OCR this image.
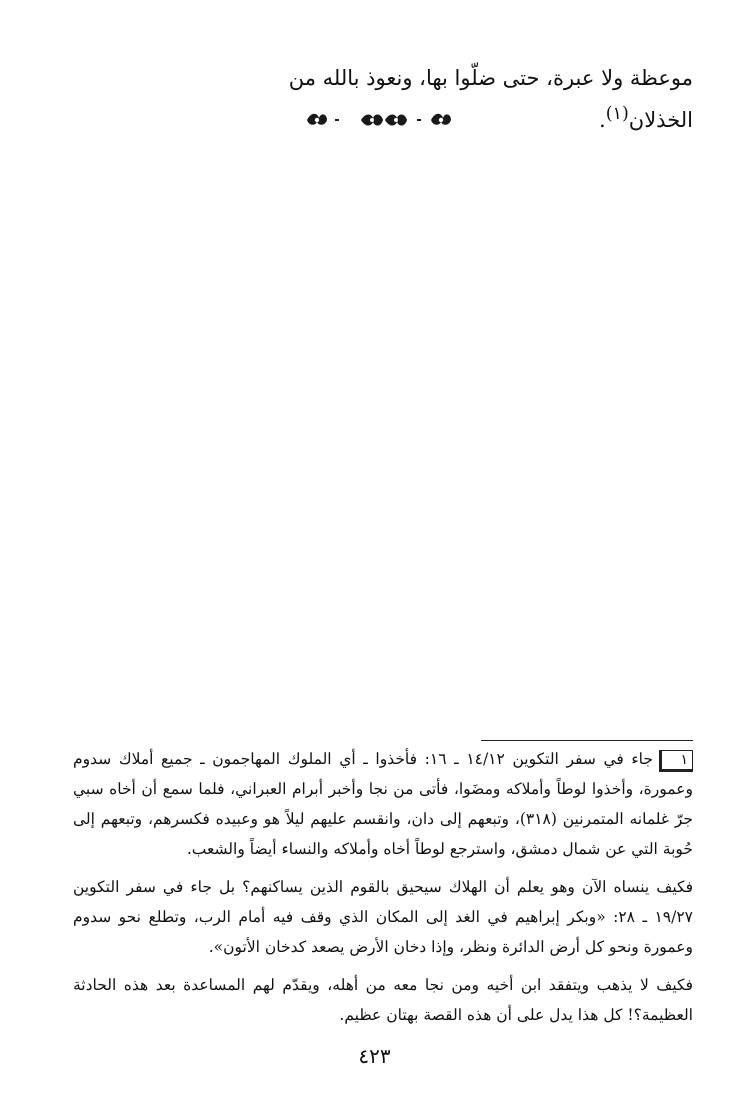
موعظة ولا عبرة، حتى ضلّوا بها، ونعوذ بالله من الخذلان$^{(١)}$.

١جاء في سفر التكوين ١٤/١٢ ـ ١٦: فأخذوا ـ أي الملوك المهاجمون ـ جميع أملاك سدوم وعمورة، وأخذوا لوطاً وأملاكه ومضَوا، فأتى من نجا وأخبر أبرام العبراني، فلما سمع أن أخاه سبي جرّ غلمانه المتمرنين (٣١٨)، وتبعهم إلى دان، وانقسم عليهم ليلاً هو وعبيده فكسرهم، وتبعهم إلى حُوبة التي عن شمال دمشق، واسترجع لوطاً أخاه وأملاكه والنساء أيضاً والشعب.

فكيف ينساه الآن وهو يعلم أن الهلاك سيحيق بالقوم الذين يساكنهم؟ بل جاء في سفر التكوين ١٩/٢٧ ـ ٢٨: «وبكر إبراهيم في الغد إلى المكان الذي وقف فيه أمام الرب، وتطلع نحو سدوم وعمورة ونحو كل أرض الدائرة ونظر، وإذا دخان الأرض يصعد كدخان الأتون».

فكيف لا يذهب ويتفقد ابن أخيه ومن نجا معه من أهله، ويقدّم لهم المساعدة بعد هذه الحادثة العظيمة؟! كل هذا يدل على أن هذه القصة بهتان عظيم.

٤٢٣
